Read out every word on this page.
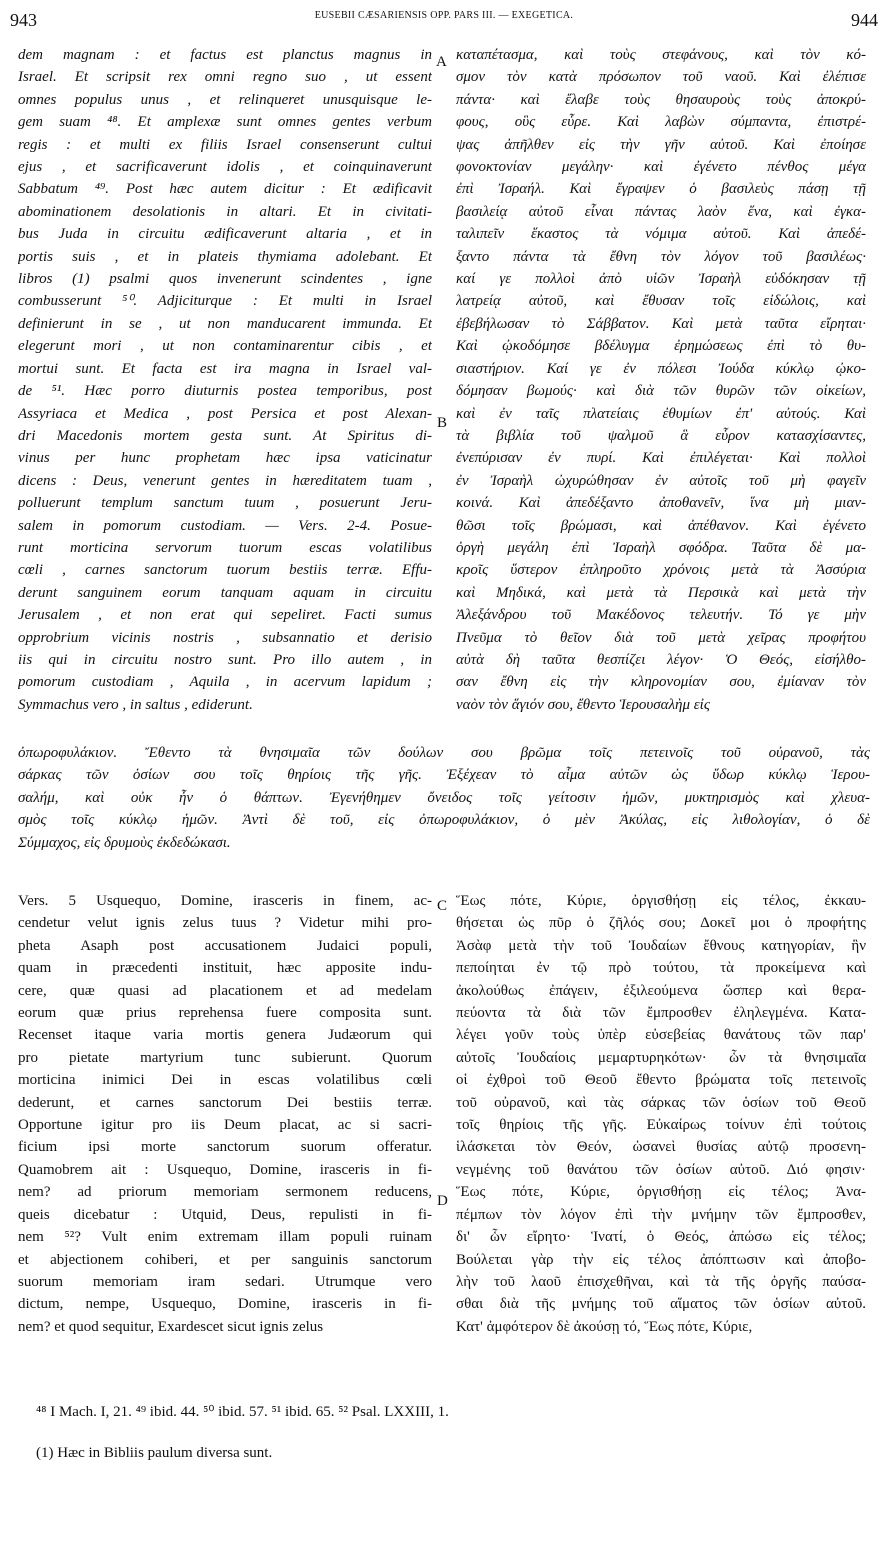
943	EUSEBII CÆSARIENSIS OPP. PARS III. — EXEGETICA.	944
dem magnam : et factus est planctus magnus in
Israel. Et scripsit rex omni regno suo , ut essent
omnes populus unus , et relinqueret unusquisque le-
gem suam ⁴⁸. Et amplexæ sunt omnes gentes verbum
regis : et multi ex filiis Israel consenserunt cultui
ejus , et sacrificaverunt idolis , et coinquinaverunt
Sabbatum ⁴⁹. Post hæc autem dicitur : Et ædificavit
abominationem desolationis in altari. Et in civitati-
bus Juda in circuitu ædificaverunt altaria , et in
portis suis , et in plateis thymiama adolebant. Et
libros (1) psalmi quos invenerunt scindentes , igne
combusserunt ⁵⁰. Adjiciturque : Et multi in Israel
definierunt in se , ut non manducarent immunda. Et
elegerunt mori , ut non contaminarentur cibis , et
mortui sunt. Et facta est ira magna in Israel val-
de ⁵¹. Hæc porro diuturnis postea temporibus, post
Assyriaca et Medica , post Persica et post Alexan-
dri Macedonis mortem gesta sunt. At Spiritus di-
vinus per hunc prophetam hæc ipsa vaticinatur
dicens : Deus, venerunt gentes in hæreditatem tuam ,
polluerunt templum sanctum tuum , posuerunt Jeru-
salem in pomorum custodiam. — Vers. 2-4. Posue-
runt morticina servorum tuorum escas volatilibus
cœli , carnes sanctorum tuorum bestiis terræ. Effu-
derunt sanguinem eorum tanquam aquam in circuitu
Jerusalem , et non erat qui sepeliret. Facti sumus
opprobrium vicinis nostris , subsannatio et derisio
iis qui in circuitu nostro sunt. Pro illo autem , in
pomorum custodiam , Aquila , in acervum lapidum ;
Symmachus vero , in saltus , ediderunt.
καταπέτασμα, καὶ τοὺς στεφάνους, καὶ τὸν κό-
σμον τὸν κατὰ πρόσωπον τοῦ ναοῦ. Καὶ ἐλέπισε
πάντα· καὶ ἔλαβε τοὺς θησαυροὺς τοὺς ἀποκρύ-
φους, οὓς εὗρε. Καὶ λαβὼν σύμπαντα, ἐπιστρέ-
ψας ἀπῆλθεν εἰς τὴν γῆν αὐτοῦ. Καὶ ἐποίησε
φονοκτονίαν μεγάλην· καὶ ἐγένετο πένθος μέγα
ἐπὶ Ἰσραήλ. Καὶ ἔγραψεν ὁ βασιλεὺς πάσῃ τῇ
βασιλείᾳ αὐτοῦ εἶναι πάντας λαὸν ἕνα, καὶ ἐγκα-
ταλιπεῖν ἕκαστος τὰ νόμιμα αὐτοῦ. Καὶ ἀπεδέ-
ξαντο πάντα τὰ ἔθνη τὸν λόγον τοῦ βασιλέως·
καί γε πολλοὶ ἀπὸ υἱῶν Ἰσραὴλ εὐδόκησαν τῇ
λατρείᾳ αὐτοῦ, καὶ ἔθυσαν τοῖς εἰδώλοις, καὶ
ἐβεβήλωσαν τὸ Σάββατον. Καὶ μετὰ ταῦτα εἴρηται·
Καὶ ᾠκοδόμησε βδέλυγμα ἐρημώσεως ἐπὶ τὸ θυ-
σιαστήριον. Καί γε ἐν πόλεσι Ἰούδα κύκλῳ ᾠκο-
δόμησαν βωμούς· καὶ διὰ τῶν θυρῶν τῶν οἰκείων,
καὶ ἐν ταῖς πλατείαις ἐθυμίων ἐπ' αὐτούς. Καὶ
τὰ βιβλία τοῦ ψαλμοῦ ἃ εὗρον κατασχίσαντες,
ἐνεπύρισαν ἐν πυρί. Καὶ ἐπιλέγεται· Καὶ πολλοὶ
ἐν Ἰσραὴλ ὠχυρώθησαν ἐν αὐτοῖς τοῦ μὴ φαγεῖν
κοινά. Καὶ ἀπεδέξαντο ἀποθανεῖν, ἵνα μὴ μιαν-
θῶσι τοῖς βρώμασι, καὶ ἀπέθανον. Καὶ ἐγένετο
ὀργὴ μεγάλη ἐπὶ Ἰσραὴλ σφόδρα. Ταῦτα δὲ μα-
κροῖς ὕστερον ἐπληροῦτο χρόνοις μετὰ τὰ Ἀσσύρια
καὶ Μηδικά, καὶ μετὰ τὰ Περσικὰ καὶ μετὰ τὴν
Ἀλεξάνδρου τοῦ Μακέδονος τελευτήν. Τό γε μὴν
Πνεῦμα τὸ θεῖον διὰ τοῦ μετὰ χεῖρας προφήτου
αὐτὰ δὴ ταῦτα θεσπίζει λέγον· Ὁ Θεός, εἰσήλθο-
σαν ἔθνη εἰς τὴν κληρονομίαν σου, ἐμίαναν τὸν
ναὸν τὸν ἅγιόν σου, ἔθεντο Ἱερουσαλὴμ εἰς
A
B
ὀπωροφυλάκιον. Ἔθεντο τὰ θνησιμαῖα τῶν δούλων σου βρῶμα τοῖς πετεινοῖς τοῦ οὐρανοῦ, τὰς
σάρκας τῶν ὁσίων σου τοῖς θηρίοις τῆς γῆς. Ἐξέχεαν τὸ αἷμα αὐτῶν ὡς ὕδωρ κύκλῳ Ἱερου-
σαλήμ, καὶ οὐκ ἦν ὁ θάπτων. Ἐγενήθημεν ὄνειδος τοῖς γείτοσιν ἡμῶν, μυκτηρισμὸς καὶ χλευα-
σμὸς τοῖς κύκλῳ ἡμῶν. Ἀντὶ δὲ τοῦ, εἰς ὀπωροφυλάκιον, ὁ μὲν Ἀκύλας, εἰς λιθολογίαν, ὁ δὲ
Σύμμαχος, εἰς δρυμοὺς ἐκδεδώκασι.
Vers. 5 Usquequo, Domine, irasceris in finem, ac-
cendetur velut ignis zelus tuus ? Videtur mihi pro-
pheta Asaph post accusationem Judaici populi,
quam in præcedenti instituit, hæc apposite indu-
cere, quæ quasi ad placationem et ad medelam
eorum quæ prius reprehensa fuere composita sunt.
Recenset itaque varia mortis genera Judæorum qui
pro pietate martyrium tunc subierunt. Quorum
morticina inimici Dei in escas volatilibus cœli
dederunt, et carnes sanctorum Dei bestiis terræ.
Opportune igitur pro iis Deum placat, ac si sacri-
ficium ipsi morte sanctorum suorum offeratur.
Quamobrem ait : Usquequo, Domine, irasceris in fi-
nem? ad priorum memoriam sermonem reducens,
queis dicebatur : Utquid, Deus, repulisti in fi-
nem ⁵²? Vult enim extremam illam populi ruinam
et abjectionem cohiberi, et per sanguinis sanctorum
suorum memoriam iram sedari. Utrumque vero
dictum, nempe, Usquequo, Domine, irasceris in fi-
nem? et quod sequitur, Exardescet sicut ignis zelus
Ἕως πότε, Κύριε, ὀργισθήσῃ εἰς τέλος, ἐκκαυ-
θήσεται ὡς πῦρ ὁ ζῆλός σου; Δοκεῖ μοι ὁ προφήτης
Ἀσὰφ μετὰ τὴν τοῦ Ἰουδαίων ἔθνους κατηγορίαν, ἣν
πεποίηται ἐν τῷ πρὸ τούτου, τὰ προκείμενα καὶ
ἀκολούθως ἐπάγειν, ἐξιλεούμενα ὥσπερ καὶ θερα-
πεύοντα τὰ διὰ τῶν ἔμπροσθεν ἐληλεγμένα. Κατα-
λέγει γοῦν τοὺς ὑπὲρ εὐσεβείας θανάτους τῶν παρ'
αὐτοῖς Ἰουδαίοις μεμαρτυρηκότων· ὧν τὰ θνησιμαῖα
οἱ ἐχθροὶ τοῦ Θεοῦ ἔθεντο βρώματα τοῖς πετεινοῖς
τοῦ οὐρανοῦ, καὶ τὰς σάρκας τῶν ὁσίων τοῦ Θεοῦ
τοῖς θηρίοις τῆς γῆς. Εὐκαίρως τοίνυν ἐπὶ τούτοις
ἱλάσκεται τὸν Θεόν, ὡσανεὶ θυσίας αὐτῷ προσενη-
νεγμένης τοῦ θανάτου τῶν ὁσίων αὐτοῦ. Διό φησιν·
Ἕως πότε, Κύριε, ὀργισθήσῃ εἰς τέλος; Ἀνα-
πέμπων τὸν λόγον ἐπὶ τὴν μνήμην τῶν ἔμπροσθεν,
δι' ὧν εἴρητο· Ἱνατί, ὁ Θεός, ἀπώσω εἰς τέλος;
Βούλεται γὰρ τὴν εἰς τέλος ἀπόπτωσιν καὶ ἀποβο-
λὴν τοῦ λαοῦ ἐπισχεθῆναι, καὶ τὰ τῆς ὀργῆς παύσα-
σθαι διὰ τῆς μνήμης τοῦ αἵματος τῶν ὁσίων αὐτοῦ.
Κατ' ἀμφότερον δὲ ἀκούσῃ τό, Ἕως πότε, Κύριε,
C
D
⁴⁸ I Mach. I, 21. ⁴⁹ ibid. 44. ⁵⁰ ibid. 57. ⁵¹ ibid. 65. ⁵² Psal. LXXIII, 1.
(1) Hæc in Bibliis paulum diversa sunt.
